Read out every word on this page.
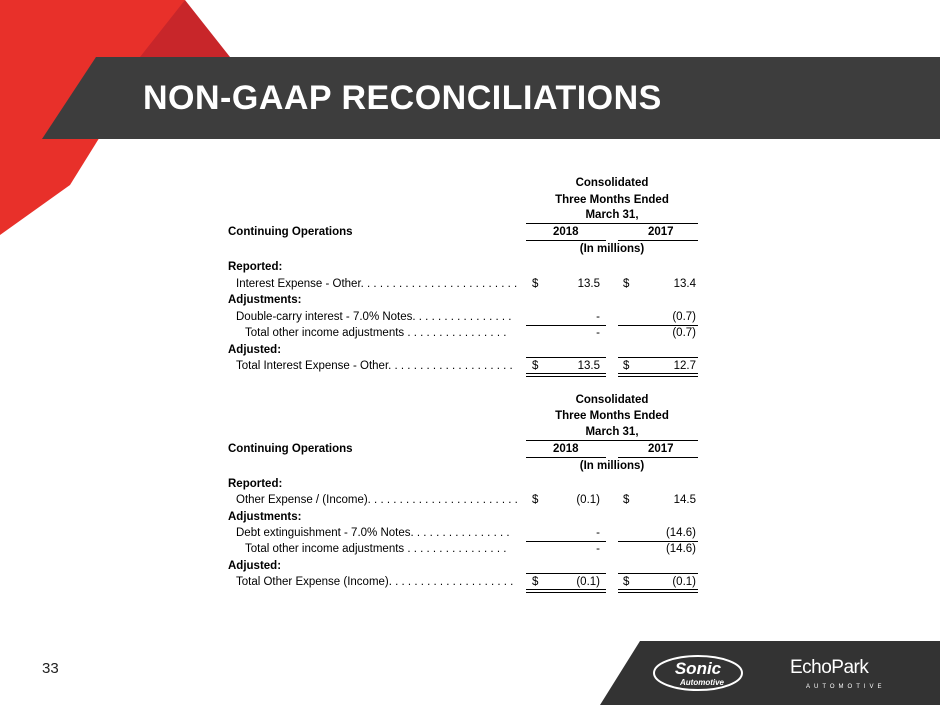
NON-GAAP RECONCILIATIONS
Consolidated
Three Months Ended
March 31,
Continuing Operations	2018	2017
(In millions)
Reported:
Interest Expense - Other. . . . . . . . . . . . . . . . . . . . . . . . . $	13.5 $	13.4
Adjustments:
Double-carry interest - 7.0% Notes. . . . . . . . . . . . . . . .	-	(0.7)
Total other income adjustments . . . . . . . . . . . . . . . .	-	(0.7)
Adjusted:
Total Interest Expense - Other. . . . . . . . . . . . . . . . . . . .	$	13.5 $	12.7
Consolidated
Three Months Ended
March 31,
Continuing Operations	2018	2017
(In millions)
Reported:
Other Expense / (Income). . . . . . . . . . . . . . . . . . . . . . . . $	(0.1) $	14.5
Adjustments:
Debt extinguishment - 7.0% Notes. . . . . . . . . . . . . . . .	-	(14.6)
Total other income adjustments . . . . . . . . . . . . . . . .	-	(14.6)
Adjusted:
Total Other Expense (Income). . . . . . . . . . . . . . . . . . . .	$	(0.1) $	(0.1)
33	Sonic
Automotive
EchoPark
AUTOMOTIVE
